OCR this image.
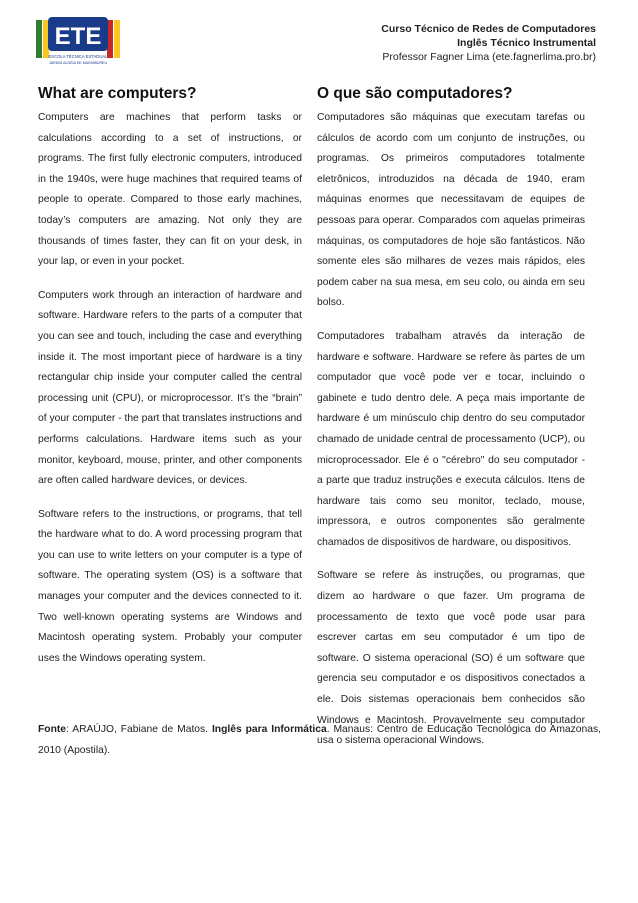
ETE
ESCOLA TÉCNICA ESTADUAL
JARDIM ALDEIA DE MAKIMBUREU
Curso Técnico de Redes de Computadores
Inglês Técnico Instrumental
Professor Fagner Lima (ete.fagnerlima.pro.br)
What are computers?

Computers are machines that perform tasks or calculations according to a set of instructions, or programs. The first fully electronic computers, introduced in the 1940s, were huge machines that required teams of people to operate. Compared to those early machines, today’s computers are amazing. Not only they are thousands of times faster, they can fit on your desk, in your lap, or even in your pocket.

Computers work through an interaction of hardware and software. Hardware refers to the parts of a computer that you can see and touch, including the case and everything inside it. The most important piece of hardware is a tiny rectangular chip inside your computer called the central processing unit (CPU), or microprocessor. It’s the “brain” of your computer - the part that translates instructions and performs calculations. Hardware items such as your monitor, keyboard, mouse, printer, and other components are often called hardware devices, or devices.

Software refers to the instructions, or programs, that tell the hardware what to do. A word processing program that you can use to write letters on your computer is a type of software. The operating system (OS) is a software that manages your computer and the devices connected to it. Two well-known operating systems are Windows and Macintosh operating system. Probably your computer uses the Windows operating system.

O que são computadores?

Computadores são máquinas que executam tarefas ou cálculos de acordo com um conjunto de instruções, ou programas. Os primeiros computadores totalmente eletrônicos, introduzidos na década de 1940, eram máquinas enormes que necessitavam de equipes de pessoas para operar. Comparados com aquelas primeiras máquinas, os computadores de hoje são fantásticos. Não somente eles são milhares de vezes mais rápidos, eles podem caber na sua mesa, em seu colo, ou ainda em seu bolso.

Computadores trabalham através da interação de hardware e software. Hardware se refere às partes de um computador que você pode ver e tocar, incluindo o gabinete e tudo dentro dele. A peça mais importante de hardware é um minúsculo chip dentro do seu computador chamado de unidade central de processamento (UCP), ou microprocessador. Ele é o "cérebro" do seu computador - a parte que traduz instruções e executa cálculos. Itens de hardware tais como seu monitor, teclado, mouse, impressora, e outros componentes são geralmente chamados de dispositivos de hardware, ou dispositivos.

Software se refere às instruções, ou programas, que dizem ao hardware o que fazer. Um programa de processamento de texto que você pode usar para escrever cartas em seu computador é um tipo de software. O sistema operacional (SO) é um software que gerencia seu computador e os dispositivos conectados a ele. Dois sistemas operacionais bem conhecidos são Windows e Macintosh. Provavelmente seu computador usa o sistema operacional Windows.

Fonte: ARAÚJO, Fabiane de Matos. Inglês para Informática. Manaus: Centro de Educação Tecnológica do Amazonas, 2010 (Apostila).
